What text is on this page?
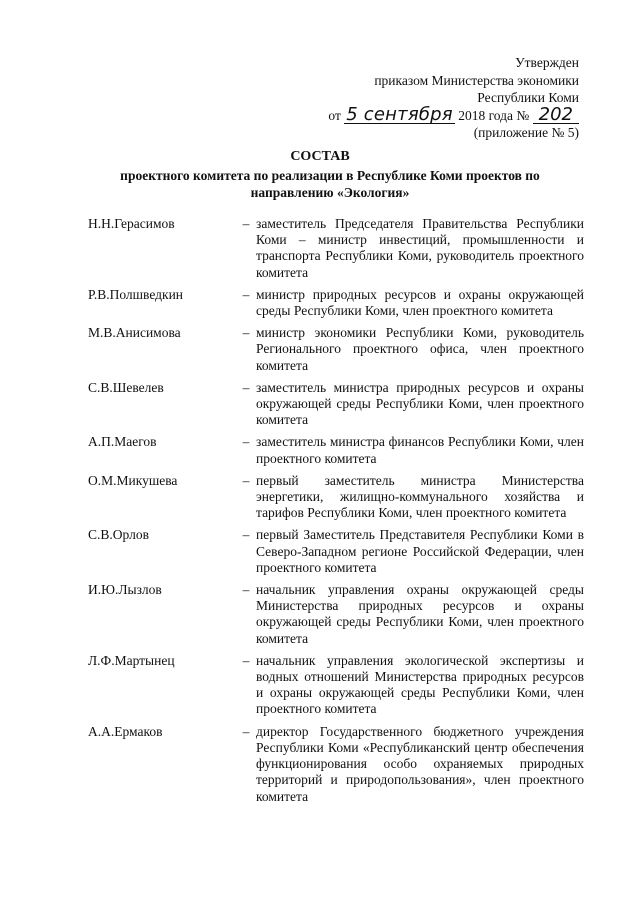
Утвержден
приказом Министерства экономики
Республики Коми
от 5 сентября 2018 года № 202
(приложение № 5)
СОСТАВ
проектного комитета по реализации в Республике Коми проектов по направлению «Экология»
Н.Н.Герасимов	– заместитель Председателя Правительства Республики Коми – министр инвестиций, промышленности и транспорта Республики Коми, руководитель проектного комитета
Р.В.Полшведкин	– министр природных ресурсов и охраны окружающей среды Республики Коми, член проектного комитета
М.В.Анисимова	– министр экономики Республики Коми, руководитель Регионального проектного офиса, член проектного комитета
С.В.Шевелев	– заместитель министра природных ресурсов и охраны окружающей среды Республики Коми, член проектного комитета
А.П.Маегов	– заместитель министра финансов Республики Коми, член проектного комитета
О.М.Микушева	– первый заместитель министра Министерства энергетики, жилищно-коммунального хозяйства и тарифов Республики Коми, член проектного комитета
С.В.Орлов	– первый Заместитель Представителя Республики Коми в Северо-Западном регионе Российской Федерации, член проектного комитета
И.Ю.Лызлов	– начальник управления охраны окружающей среды Министерства природных ресурсов и охраны окружающей среды Республики Коми, член проектного комитета
Л.Ф.Мартынец	– начальник управления экологической экспертизы и водных отношений Министерства природных ресурсов и охраны окружающей среды Республики Коми, член проектного комитета
А.А.Ермаков	– директор Государственного бюджетного учреждения Республики Коми «Республиканский центр обеспечения функционирования особо охраняемых природных территорий и природопользования», член проектного комитета
